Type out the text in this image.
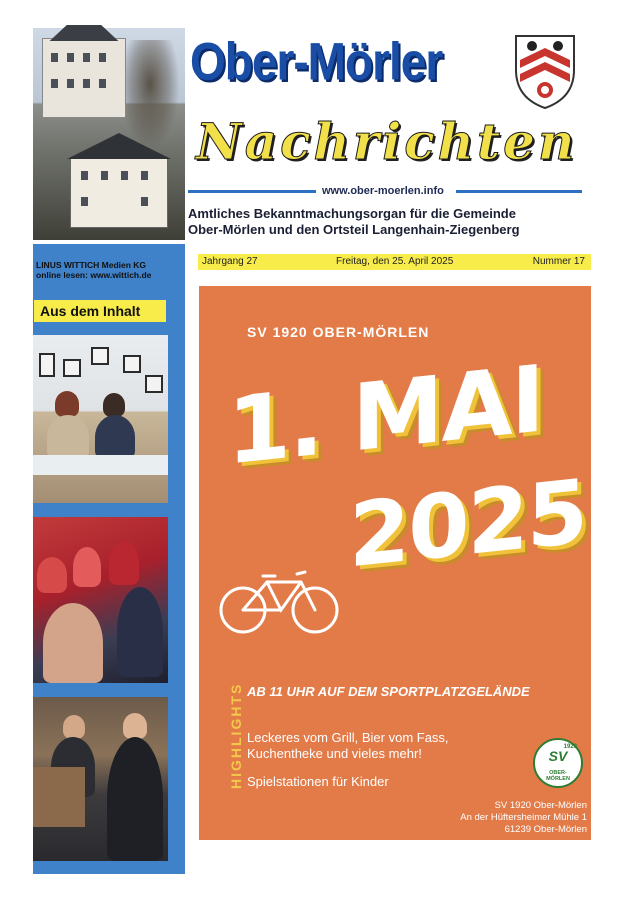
Ober-Mörler
Nachrichten
www.ober-moerlen.info
Amtliches Bekanntmachungsorgan für die Gemeinde
Ober-Mörlen und den Ortsteil Langenhain-Ziegenberg
LINUS WITTICH Medien KG
online lesen: www.wittich.de
Aus dem Inhalt
Jahrgang 27	Freitag, den 25. April 2025	Nummer 17
SV 1920 OBER-MÖRLEN
1. MAI
2025
HIGHLIGHTS AB 11 UHR AUF DEM SPORTPLATZGELÄNDE
Leckeres vom Grill, Bier vom Fass,
Kuchentheke und vieles mehr!
Spielstationen für Kinder
1920
SV
OBER-
MÖRLEN
SV 1920 Ober-Mörlen
An der Hüftersheimer Mühle 1
61239 Ober-Mörlen
